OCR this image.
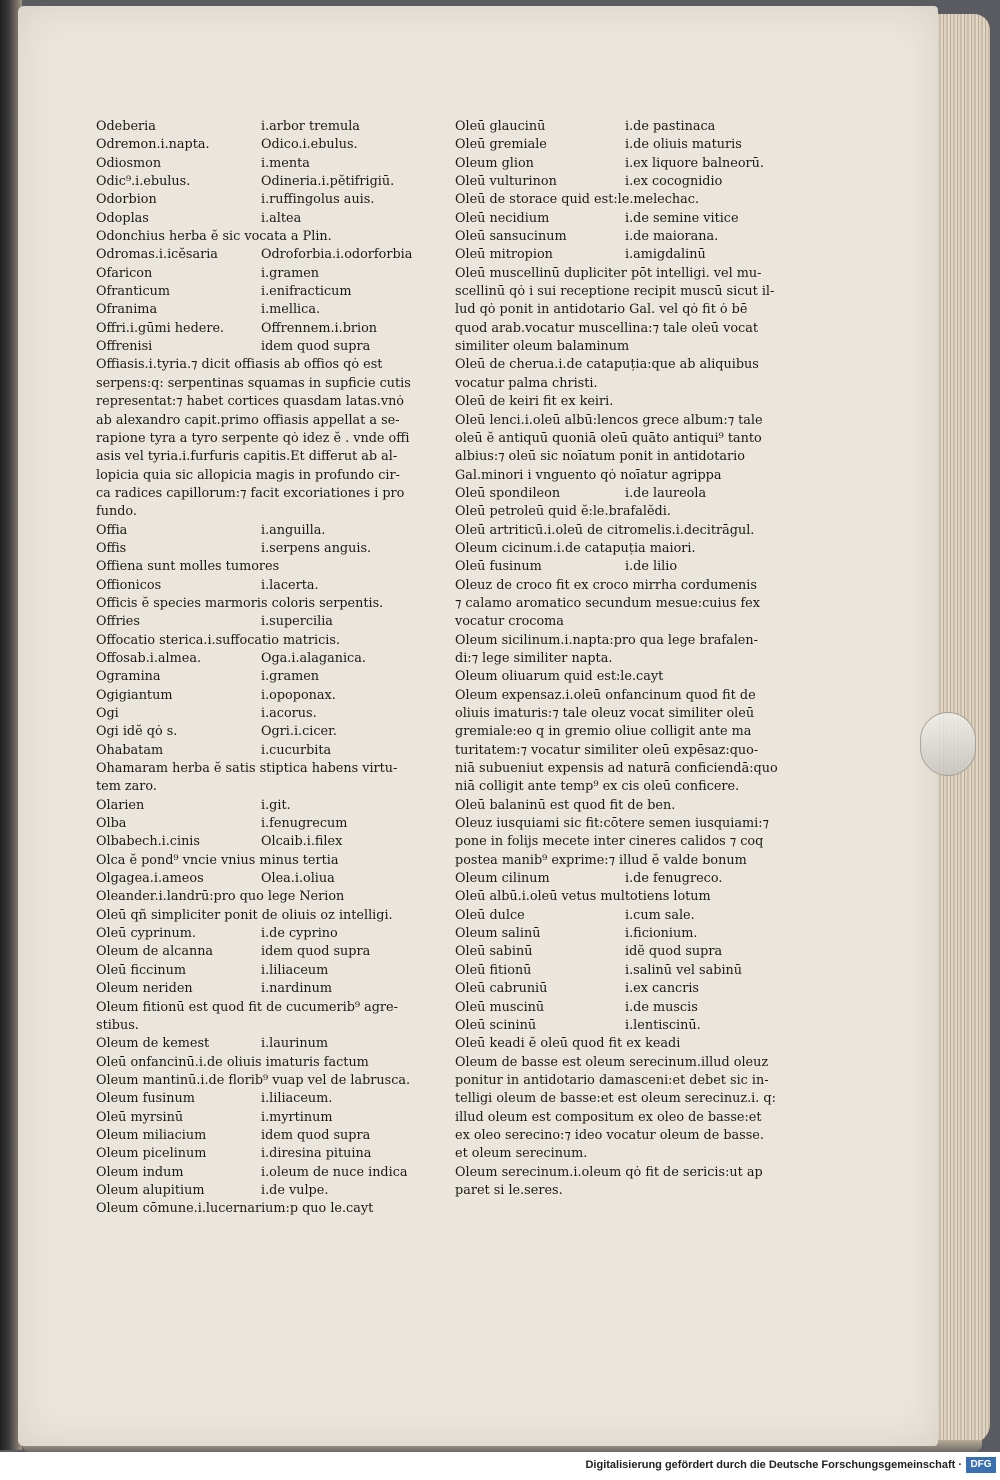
Odeberia	i.arbor tremula
Odremon.i.napta.	Odico.i.ebulus.
Odiosmon	i.menta
Odic⁹.i.ebulus.	Odineria.i.pĕtifrigiū.
Odorbion	i.ruffingolus auis.
Odoplas	i.altea
Odonchius herba ĕ sic vocata a Plin.
Odromas.i.icĕsaria	Odroforbia.i.odorforbia
Ofaricon	i.gramen
Ofranticum	i.enifracticum
Ofranima	i.mellica.
Offri.i.gūmi hedere.	Offrennem.i.brion
Offrenisi	idem quod supra
Offiasis.i.tyria.⁊ dicit offiasis ab offios qȯ est
serpens:q: serpentinas squamas in supficie cutis
representat:⁊ habet cortices quasdam latas.vnȯ
ab alexandro capit.primo offiasis appellat a se-
rapione tyra a tyro serpente qȯ idez ĕ . vnde offi
asis vel tyria.i.furfuris capitis.Et differut ab al-
lopicia quia sic allopicia magis in profundo cir-
ca radices capillorum:⁊ facit excoriationes i pro
fundo.
Offia	i.anguilla.
Offis	i.serpens anguis.
Offiena sunt molles tumores
Offionicos	i.lacerta.
Officis ĕ species marmoris coloris serpentis.
Offries	i.supercilia
Offocatio sterica.i.suffocatio matricis.
Offosab.i.almea.	Oga.i.alaganica.
Ogramina	i.gramen
Ogigiantum	i.opoponax.
Ogi	i.acorus.
Ogi idĕ qȯ s.	Ogri.i.cicer.
Ohabatam	i.cucurbita
Ohamaram herba ĕ satis stiptica habens virtu-
tem zaro.
Olarien	i.git.
Olba	i.fenugrecum
Olbabech.i.cinis	Olcaib.i.filex
Olca ĕ pond⁹ vncie vnius minus tertia
Olgagea.i.ameos	Olea.i.oliua
Oleander.i.landrū:pro quo lege Nerion
Oleū qñ simpliciter ponit de oliuis oz intelligi.
Oleū cyprinum.	i.de cyprino
Oleum de alcanna	idem quod supra
Oleū ficcinum	i.liliaceum
Oleum neriden	i.nardinum
Oleum fitionū est quod fit de cucumerib⁹ agre-
stibus.
Oleum de kemest	i.laurinum
Oleū onfancinū.i.de oliuis imaturis factum
Oleum mantinū.i.de florib⁹ vuap vel de labrusca.
Oleum fusinum	i.liliaceum.
Oleū myrsinū	i.myrtinum
Oleum miliacium	idem quod supra
Oleum picelinum	i.diresina pituina
Oleum indum	i.oleum de nuce indica
Oleum alupitium	i.de vulpe.
Oleum cōmune.i.lucernarium:p quo le.cayt
Oleū glaucinū	i.de pastinaca
Oleū gremiale	i.de oliuis maturis
Oleum glion	i.ex liquore balneorū.
Oleū vulturinon	i.ex cocognidio
Oleū de storace quid est:le.melechac.
Oleū necidium	i.de semine vitice
Oleū sansucinum	i.de maiorana.
Oleū mitropion	i.amigdalinū
Oleū muscellinū dupliciter pōt intelligi. vel mu-
scellinū qȯ i sui receptione recipit muscū sicut il-
lud qȯ ponit in antidotario Gal. vel qȯ fit ȯ bē
quod arab.vocatur muscellina:⁊ tale oleū vocat
similiter oleum balaminum
Oleū de cherua.i.de catapuția:que ab aliquibus
vocatur palma christi.
Oleū de keiri fit ex keiri.
Oleū lenci.i.oleū albū:lencos grece album:⁊ tale
oleū ĕ antiquū quoniā oleū quāto antiqui⁹ tanto
albius:⁊ oleū sic noīatum ponit in antidotario
Gal.minori i vnguento qȯ noīatur agrippa
Oleū spondileon	i.de laureola
Oleū petroleū quid ĕ:le.brafalĕdi.
Oleū artriticū.i.oleū de citromelis.i.decitrāgul.
Oleum cicinum.i.de catapuția maiori.
Oleū fusinum	i.de lilio
Oleuz de croco fit ex croco mirrha cordumenis
⁊ calamo aromatico secundum mesue:cuius fex
vocatur crocoma
Oleum sicilinum.i.napta:pro qua lege brafalen-
di:⁊ lege similiter napta.
Oleum oliuarum quid est:le.cayt
Oleum expensaz.i.oleū onfancinum quod fit de
oliuis imaturis:⁊ tale oleuz vocat similiter oleū
gremiale:eo q in gremio oliue colligit ante ma
turitatem:⁊ vocatur similiter oleū expēsaz:quo-
niā subueniut expensis ad naturā conficiendā:quo
niā colligit ante temp⁹ ex cis oleū conficere.
Oleū balaninū est quod fit de ben.
Oleuz iusquiami sic fit:cōtere semen iusquiami:⁊
pone in folijs mecete inter cineres calidos ⁊ coq
postea manib⁹ exprime:⁊ illud ĕ valde bonum
Oleum cilinum	i.de fenugreco.
Oleū albū.i.oleū vetus multotiens lotum
Oleū dulce	i.cum sale.
Oleum salinū	i.ficionium.
Oleū sabinū	idĕ quod supra
Oleū fitionū	i.salinū vel sabinū
Oleū cabruniū	i.ex cancris
Oleū muscinū	i.de muscis
Oleū scininū	i.lentiscinū.
Oleū keadi ĕ oleū quod fit ex keadi
Oleum de basse est oleum serecinum.illud oleuz
ponitur in antidotario damasceni:et debet sic in-
telligi oleum de basse:et est oleum serecinuz.i. q:
illud oleum est compositum ex oleo de basse:et
ex oleo serecino:⁊ ideo vocatur oleum de basse.
et oleum serecinum.
Oleum serecinum.i.oleum qȯ fit de sericis:ut ap
paret si le.seres.
Digitalisierung gefördert durch die Deutsche Forschungsgemeinschaft · DFG
